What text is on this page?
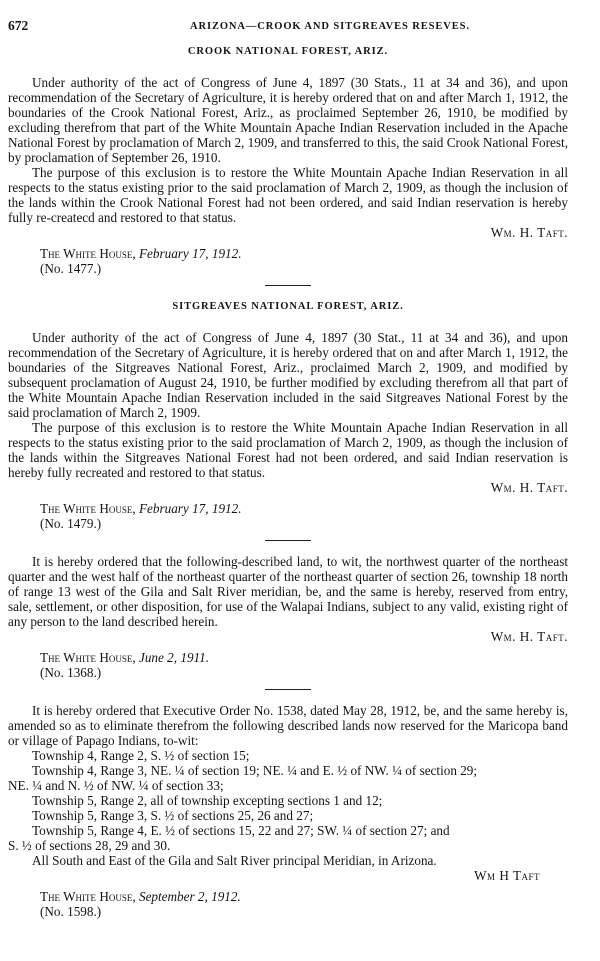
672	ARIZONA—CROOK AND SITGREAVES RESEVES.
CROOK NATIONAL FOREST, ARIZ.

Under authority of the act of Congress of June 4, 1897 (30 Stats., 11 at 34 and 36), and upon recommendation of the Secretary of Agriculture, it is hereby ordered that on and after March 1, 1912, the boundaries of the Crook National Forest, Ariz., as proclaimed September 26, 1910, be modified by excluding therefrom that part of the White Mountain Apache Indian Reservation included in the Apache National Forest by proclamation of March 2, 1909, and transferred to this, the said Crook National Forest, by proclamation of September 26, 1910.

The purpose of this exclusion is to restore the White Mountain Apache Indian Reservation in all respects to the status existing prior to the said proclamation of March 2, 1909, as though the inclusion of the lands within the Crook National Forest had not been ordered, and said Indian reservation is hereby fully re-createcd and restored to that status.

Wm. H. Taft.
The White House, February 17, 1912.
(No. 1477.)
SITGREAVES NATIONAL FOREST, ARIZ.

Under authority of the act of Congress of June 4, 1897 (30 Stat., 11 at 34 and 36), and upon recommendation of the Secretary of Agriculture, it is hereby ordered that on and after March 1, 1912, the boundaries of the Sitgreaves National Forest, Ariz., proclaimed March 2, 1909, and modified by subsequent proclamation of August 24, 1910, be further modified by excluding therefrom all that part of the White Mountain Apache Indian Reservation included in the said Sitgreaves National Forest by the said proclamation of March 2, 1909.

The purpose of this exclusion is to restore the White Mountain Apache Indian Reservation in all respects to the status existing prior to the said proclamation of March 2, 1909, as though the inclusion of the lands within the Sitgreaves National Forest had not been ordered, and said Indian reservation is hereby fully recreated and restored to that status.

Wm. H. Taft.
The White House, February 17, 1912.
(No. 1479.)

It is hereby ordered that the following-described land, to wit, the northwest quarter of the northeast quarter and the west half of the northeast quarter of the northeast quarter of section 26, township 18 north of range 13 west of the Gila and Salt River meridian, be, and the same is hereby, reserved from entry, sale, settlement, or other disposition, for use of the Walapai Indians, subject to any valid, existing right of any person to the land described herein.

Wm. H. Taft.
The White House, June 2, 1911.
(No. 1368.)

It is hereby ordered that Executive Order No. 1538, dated May 28, 1912, be, and the same hereby is, amended so as to eliminate therefrom the following described lands now reserved for the Maricopa band or village of Papago Indians, to-wit:

Township 4, Range 2, S. ½ of section 15;

Township 4, Range 3, NE. ¼ of section 19; NE. ¼ and E. ½ of NW. ¼ of section 29;

NE. ¼ and N. ½ of NW. ¼ of section 33;

Township 5, Range 2, all of township excepting sections 1 and 12;

Township 5, Range 3, S. ½ of sections 25, 26 and 27;

Township 5, Range 4, E. ½ of sections 15, 22 and 27; SW. ¼ of section 27; and

S. ½ of sections 28, 29 and 30.

All South and East of the Gila and Salt River principal Meridian, in Arizona.

Wm H Taft
The White House, September 2, 1912.
(No. 1598.)
